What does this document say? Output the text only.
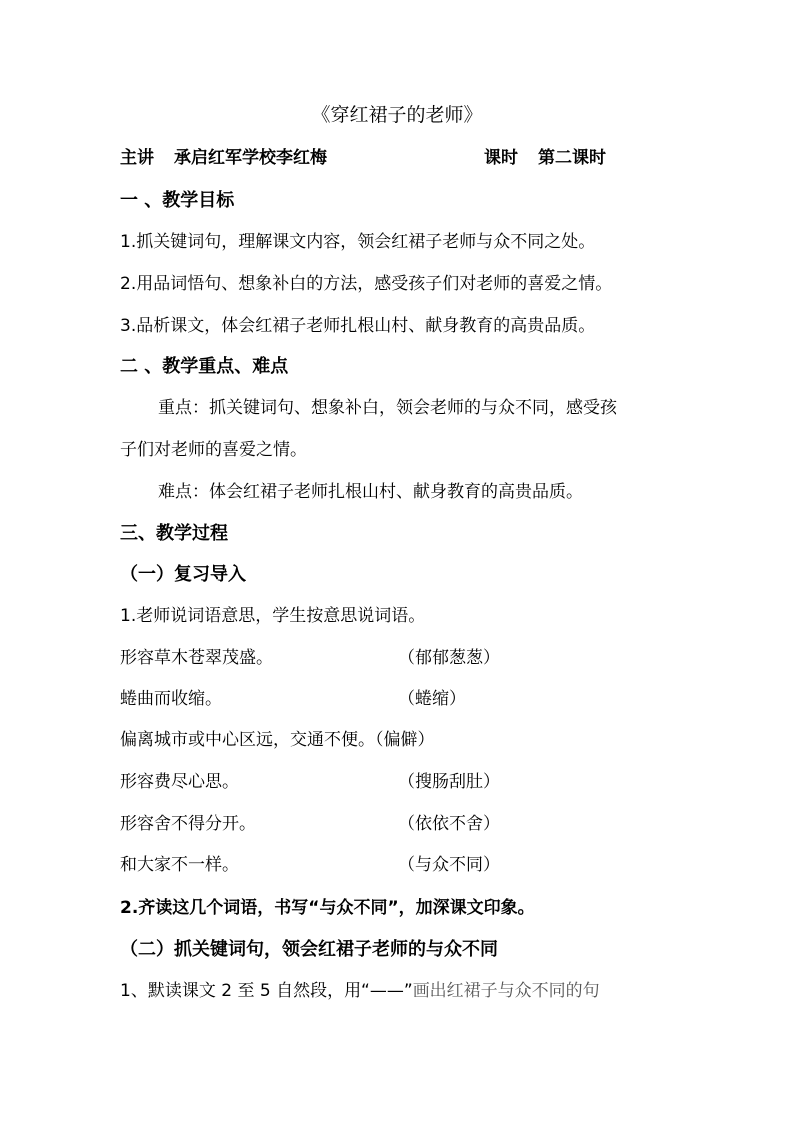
《穿红裙子的老师》
主讲 承启红军学校李红梅	课时 第二课时
一 、教学目标
1.抓关键词句，理解课文内容，领会红裙子老师与众不同之处。
2.用品词悟句、想象补白的方法，感受孩子们对老师的喜爱之情。
3.品析课文，体会红裙子老师扎根山村、献身教育的高贵品质。
二 、教学重点、难点
重点：抓关键词句、想象补白，领会老师的与众不同，感受孩
子们对老师的喜爱之情。
难点：体会红裙子老师扎根山村、献身教育的高贵品质。
三、教学过程
（一）复习导入
1.老师说词语意思，学生按意思说词语。
形容草木苍翠茂盛。	（郁郁葱葱）
蜷曲而收缩。	（蜷缩）
偏离城市或中心区远，交通不便。（偏僻）
形容费尽心思。	（搜肠刮肚）
形容舍不得分开。	（依依不舍）
和大家不一样。	（与众不同）
2.齐读这几个词语，书写“与众不同”，加深课文印象。
（二）抓关键词句，领会红裙子老师的与众不同
1、默读课文 2 至 5 自然段，用“——”画出红裙子与众不同的句
